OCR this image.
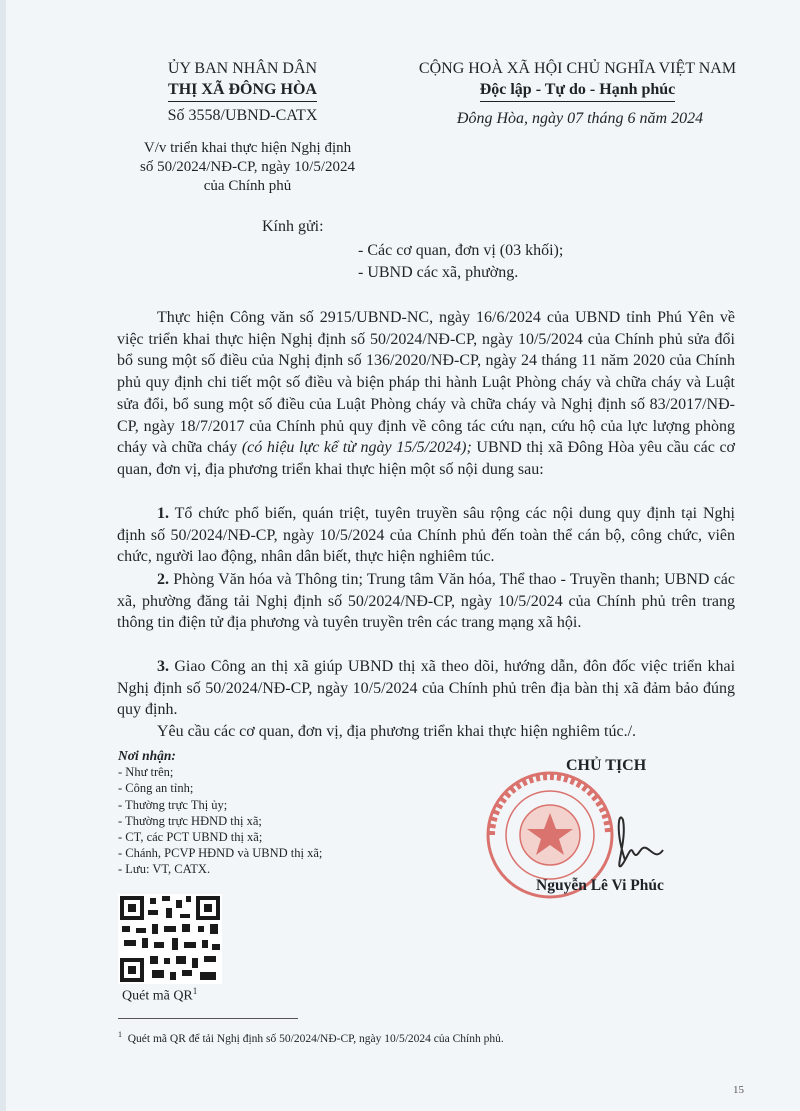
ỦY BAN NHÂN DÂN
THỊ XÃ ĐÔNG HÒA
Số 3558/UBND-CATX
V/v triển khai thực hiện Nghị định
số 50/2024/NĐ-CP, ngày 10/5/2024
của Chính phủ
CỘNG HOÀ XÃ HỘI CHỦ NGHĨA VIỆT NAM
Độc lập - Tự do - Hạnh phúc
Đông Hòa, ngày 07 tháng 6 năm 2024
Kính gửi:
- Các cơ quan, đơn vị (03 khối);
- UBND các xã, phường.
Thực hiện Công văn số 2915/UBND-NC, ngày 16/6/2024 của UBND tỉnh Phú Yên về việc triển khai thực hiện Nghị định số 50/2024/NĐ-CP, ngày 10/5/2024 của Chính phủ sửa đổi bổ sung một số điều của Nghị định số 136/2020/NĐ-CP, ngày 24 tháng 11 năm 2020 của Chính phủ quy định chi tiết một số điều và biện pháp thi hành Luật Phòng cháy và chữa cháy và Luật sửa đổi, bổ sung một số điều của Luật Phòng cháy và chữa cháy và Nghị định số 83/2017/NĐ-CP, ngày 18/7/2017 của Chính phủ quy định về công tác cứu nạn, cứu hộ của lực lượng phòng cháy và chữa cháy (có hiệu lực kể từ ngày 15/5/2024); UBND thị xã Đông Hòa yêu cầu các cơ quan, đơn vị, địa phương triển khai thực hiện một số nội dung sau:
1. Tổ chức phổ biến, quán triệt, tuyên truyền sâu rộng các nội dung quy định tại Nghị định số 50/2024/NĐ-CP, ngày 10/5/2024 của Chính phủ đến toàn thể cán bộ, công chức, viên chức, người lao động, nhân dân biết, thực hiện nghiêm túc.
2. Phòng Văn hóa và Thông tin; Trung tâm Văn hóa, Thể thao - Truyền thanh; UBND các xã, phường đăng tải Nghị định số 50/2024/NĐ-CP, ngày 10/5/2024 của Chính phủ trên trang thông tin điện tử địa phương và tuyên truyền trên các trang mạng xã hội.
3. Giao Công an thị xã giúp UBND thị xã theo dõi, hướng dẫn, đôn đốc việc triển khai Nghị định số 50/2024/NĐ-CP, ngày 10/5/2024 của Chính phủ trên địa bàn thị xã đảm bảo đúng quy định.
Yêu cầu các cơ quan, đơn vị, địa phương triển khai thực hiện nghiêm túc./.
Nơi nhận:
- Như trên;
- Công an tỉnh;
- Thường trực Thị ủy;
- Thường trực HĐND thị xã;
- CT, các PCT UBND thị xã;
- Chánh, PCVP HĐND và UBND thị xã;
- Lưu: VT, CATX.
CHỦ TỊCH
Nguyễn Lê Vi Phúc
Quét mã $QR^1$
$^1$ Quét mã QR để tải Nghị định số 50/2024/NĐ-CP, ngày 10/5/2024 của Chính phủ.
15
